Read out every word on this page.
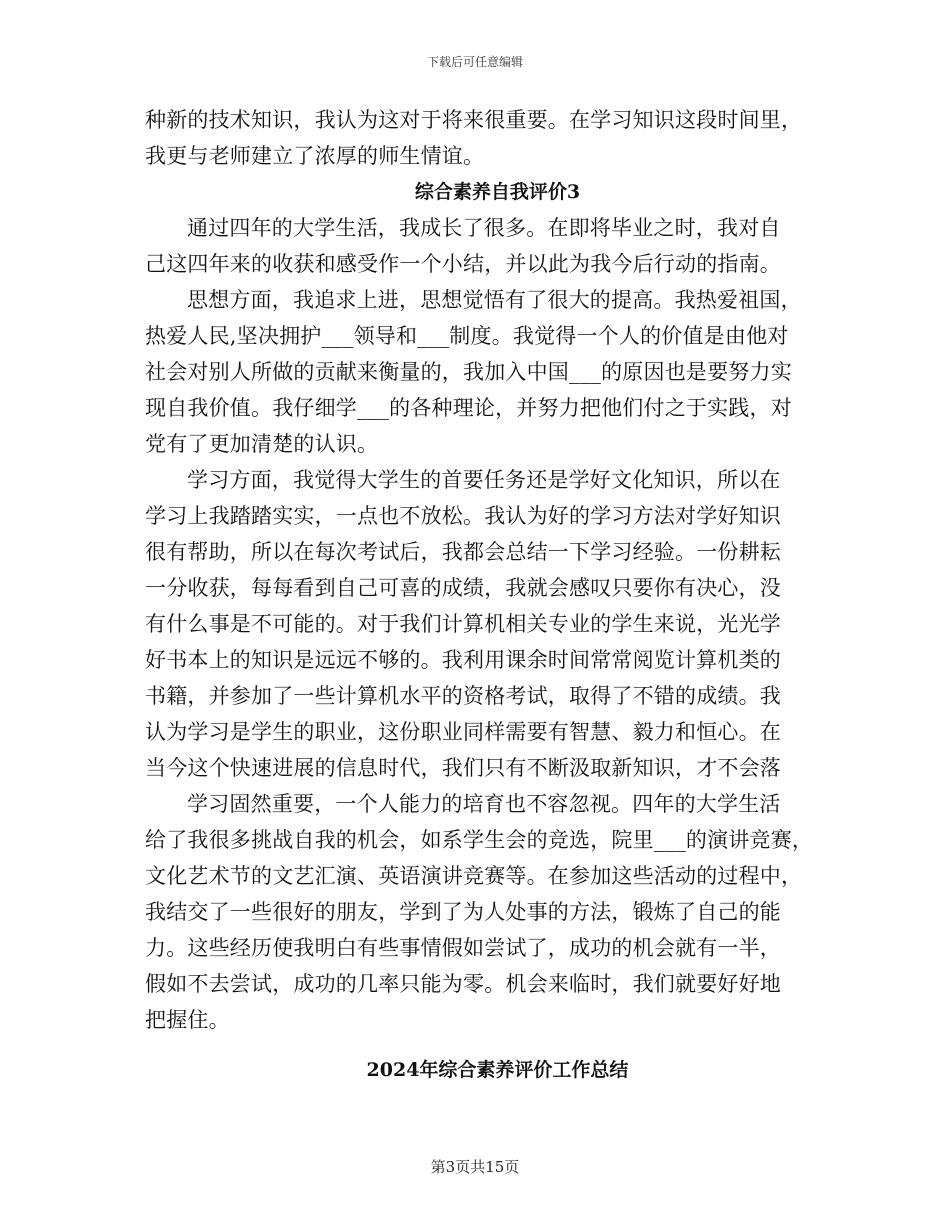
下载后可任意编辑
种新的技术知识，我认为这对于将来很重要。在学习知识这段时间里，
我更与老师建立了浓厚的师生情谊。
综合素养自我评价3
通过四年的大学生活，我成长了很多。在即将毕业之时，我对自
己这四年来的收获和感受作一个小结，并以此为我今后行动的指南。
思想方面，我追求上进，思想觉悟有了很大的提高。我热爱祖国，
热爱人民,坚决拥护___领导和___制度。我觉得一个人的价值是由他对
社会对别人所做的贡献来衡量的，我加入中国___的原因也是要努力实
现自我价值。我仔细学___的各种理论，并努力把他们付之于实践，对
党有了更加清楚的认识。
学习方面，我觉得大学生的首要任务还是学好文化知识，所以在
学习上我踏踏实实，一点也不放松。我认为好的学习方法对学好知识
很有帮助，所以在每次考试后，我都会总结一下学习经验。一份耕耘
一分收获，每每看到自己可喜的成绩，我就会感叹只要你有决心，没
有什么事是不可能的。对于我们计算机相关专业的学生来说，光光学
好书本上的知识是远远不够的。我利用课余时间常常阅览计算机类的
书籍，并参加了一些计算机水平的资格考试，取得了不错的成绩。我
认为学习是学生的职业，这份职业同样需要有智慧、毅力和恒心。在
当今这个快速进展的信息时代，我们只有不断汲取新知识，才不会落
学习固然重要，一个人能力的培育也不容忽视。四年的大学生活
给了我很多挑战自我的机会，如系学生会的竞选，院里___的演讲竞赛，
文化艺术节的文艺汇演、英语演讲竞赛等。在参加这些活动的过程中，
我结交了一些很好的朋友，学到了为人处事的方法，锻炼了自己的能
力。这些经历使我明白有些事情假如尝试了，成功的机会就有一半，
假如不去尝试，成功的几率只能为零。机会来临时，我们就要好好地
把握住。
2024年综合素养评价工作总结
第3页共15页
